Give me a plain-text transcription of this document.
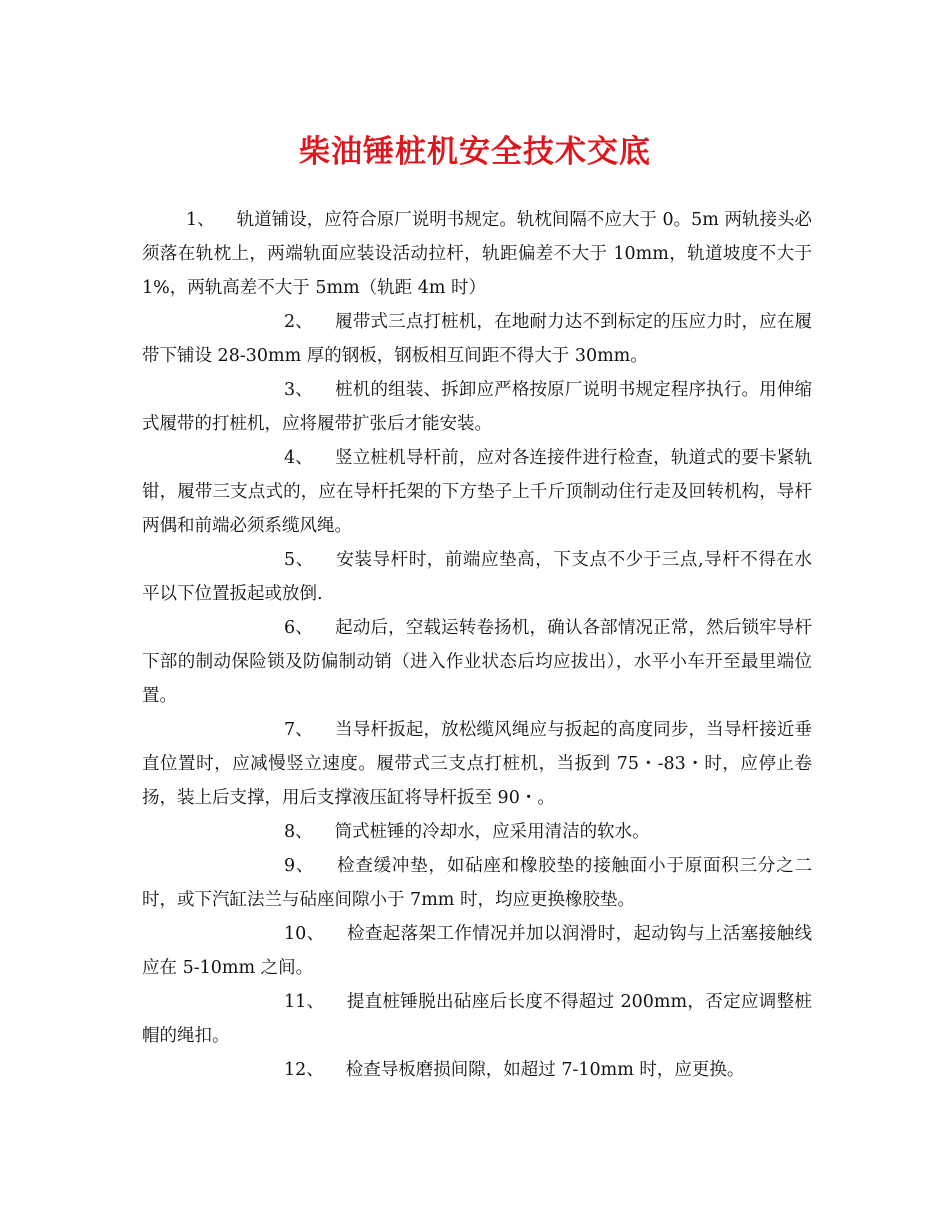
柴油锤桩机安全技术交底

1、 轨道铺设，应符合原厂说明书规定。轨枕间隔不应大于 0。5m 两轨接头必须落在轨枕上，两端轨面应装设活动拉杆，轨距偏差不大于 10mm，轨道坡度不大于 1%，两轨高差不大于 5mm（轨距 4m 时）

2、 履带式三点打桩机，在地耐力达不到标定的压应力时，应在履带下铺设 28-30mm 厚的钢板，钢板相互间距不得大于 30mm。

3、 桩机的组装、拆卸应严格按原厂说明书规定程序执行。用伸缩式履带的打桩机，应将履带扩张后才能安装。

4、 竖立桩机导杆前，应对各连接件进行检查，轨道式的要卡紧轨钳，履带三支点式的，应在导杆托架的下方垫子上千斤顶制动住行走及回转机构，导杆两偶和前端必须系缆风绳。

5、 安装导杆时，前端应垫高，下支点不少于三点,导杆不得在水平以下位置扳起或放倒.

6、 起动后，空载运转卷扬机，确认各部情况正常，然后锁牢导杆下部的制动保险锁及防偏制动销（进入作业状态后均应拔出），水平小车开至最里端位置。

7、 当导杆扳起，放松缆风绳应与扳起的高度同步，当导杆接近垂直位置时，应减慢竖立速度。履带式三支点打桩机，当扳到 75・-83・时，应停止卷扬，装上后支撑，用后支撑液压缸将导杆扳至 90・。

8、 筒式桩锤的冷却水，应采用清洁的软水。

9、 检查缓冲垫，如砧座和橡胶垫的接触面小于原面积三分之二时，或下汽缸法兰与砧座间隙小于 7mm 时，均应更换橡胶垫。

10、 检查起落架工作情况并加以润滑时，起动钩与上活塞接触线应在 5-10mm 之间。

11、 提直桩锤脱出砧座后长度不得超过 200mm，否定应调整桩帽的绳扣。

12、 检查导板磨损间隙，如超过 7-10mm 时，应更换。
